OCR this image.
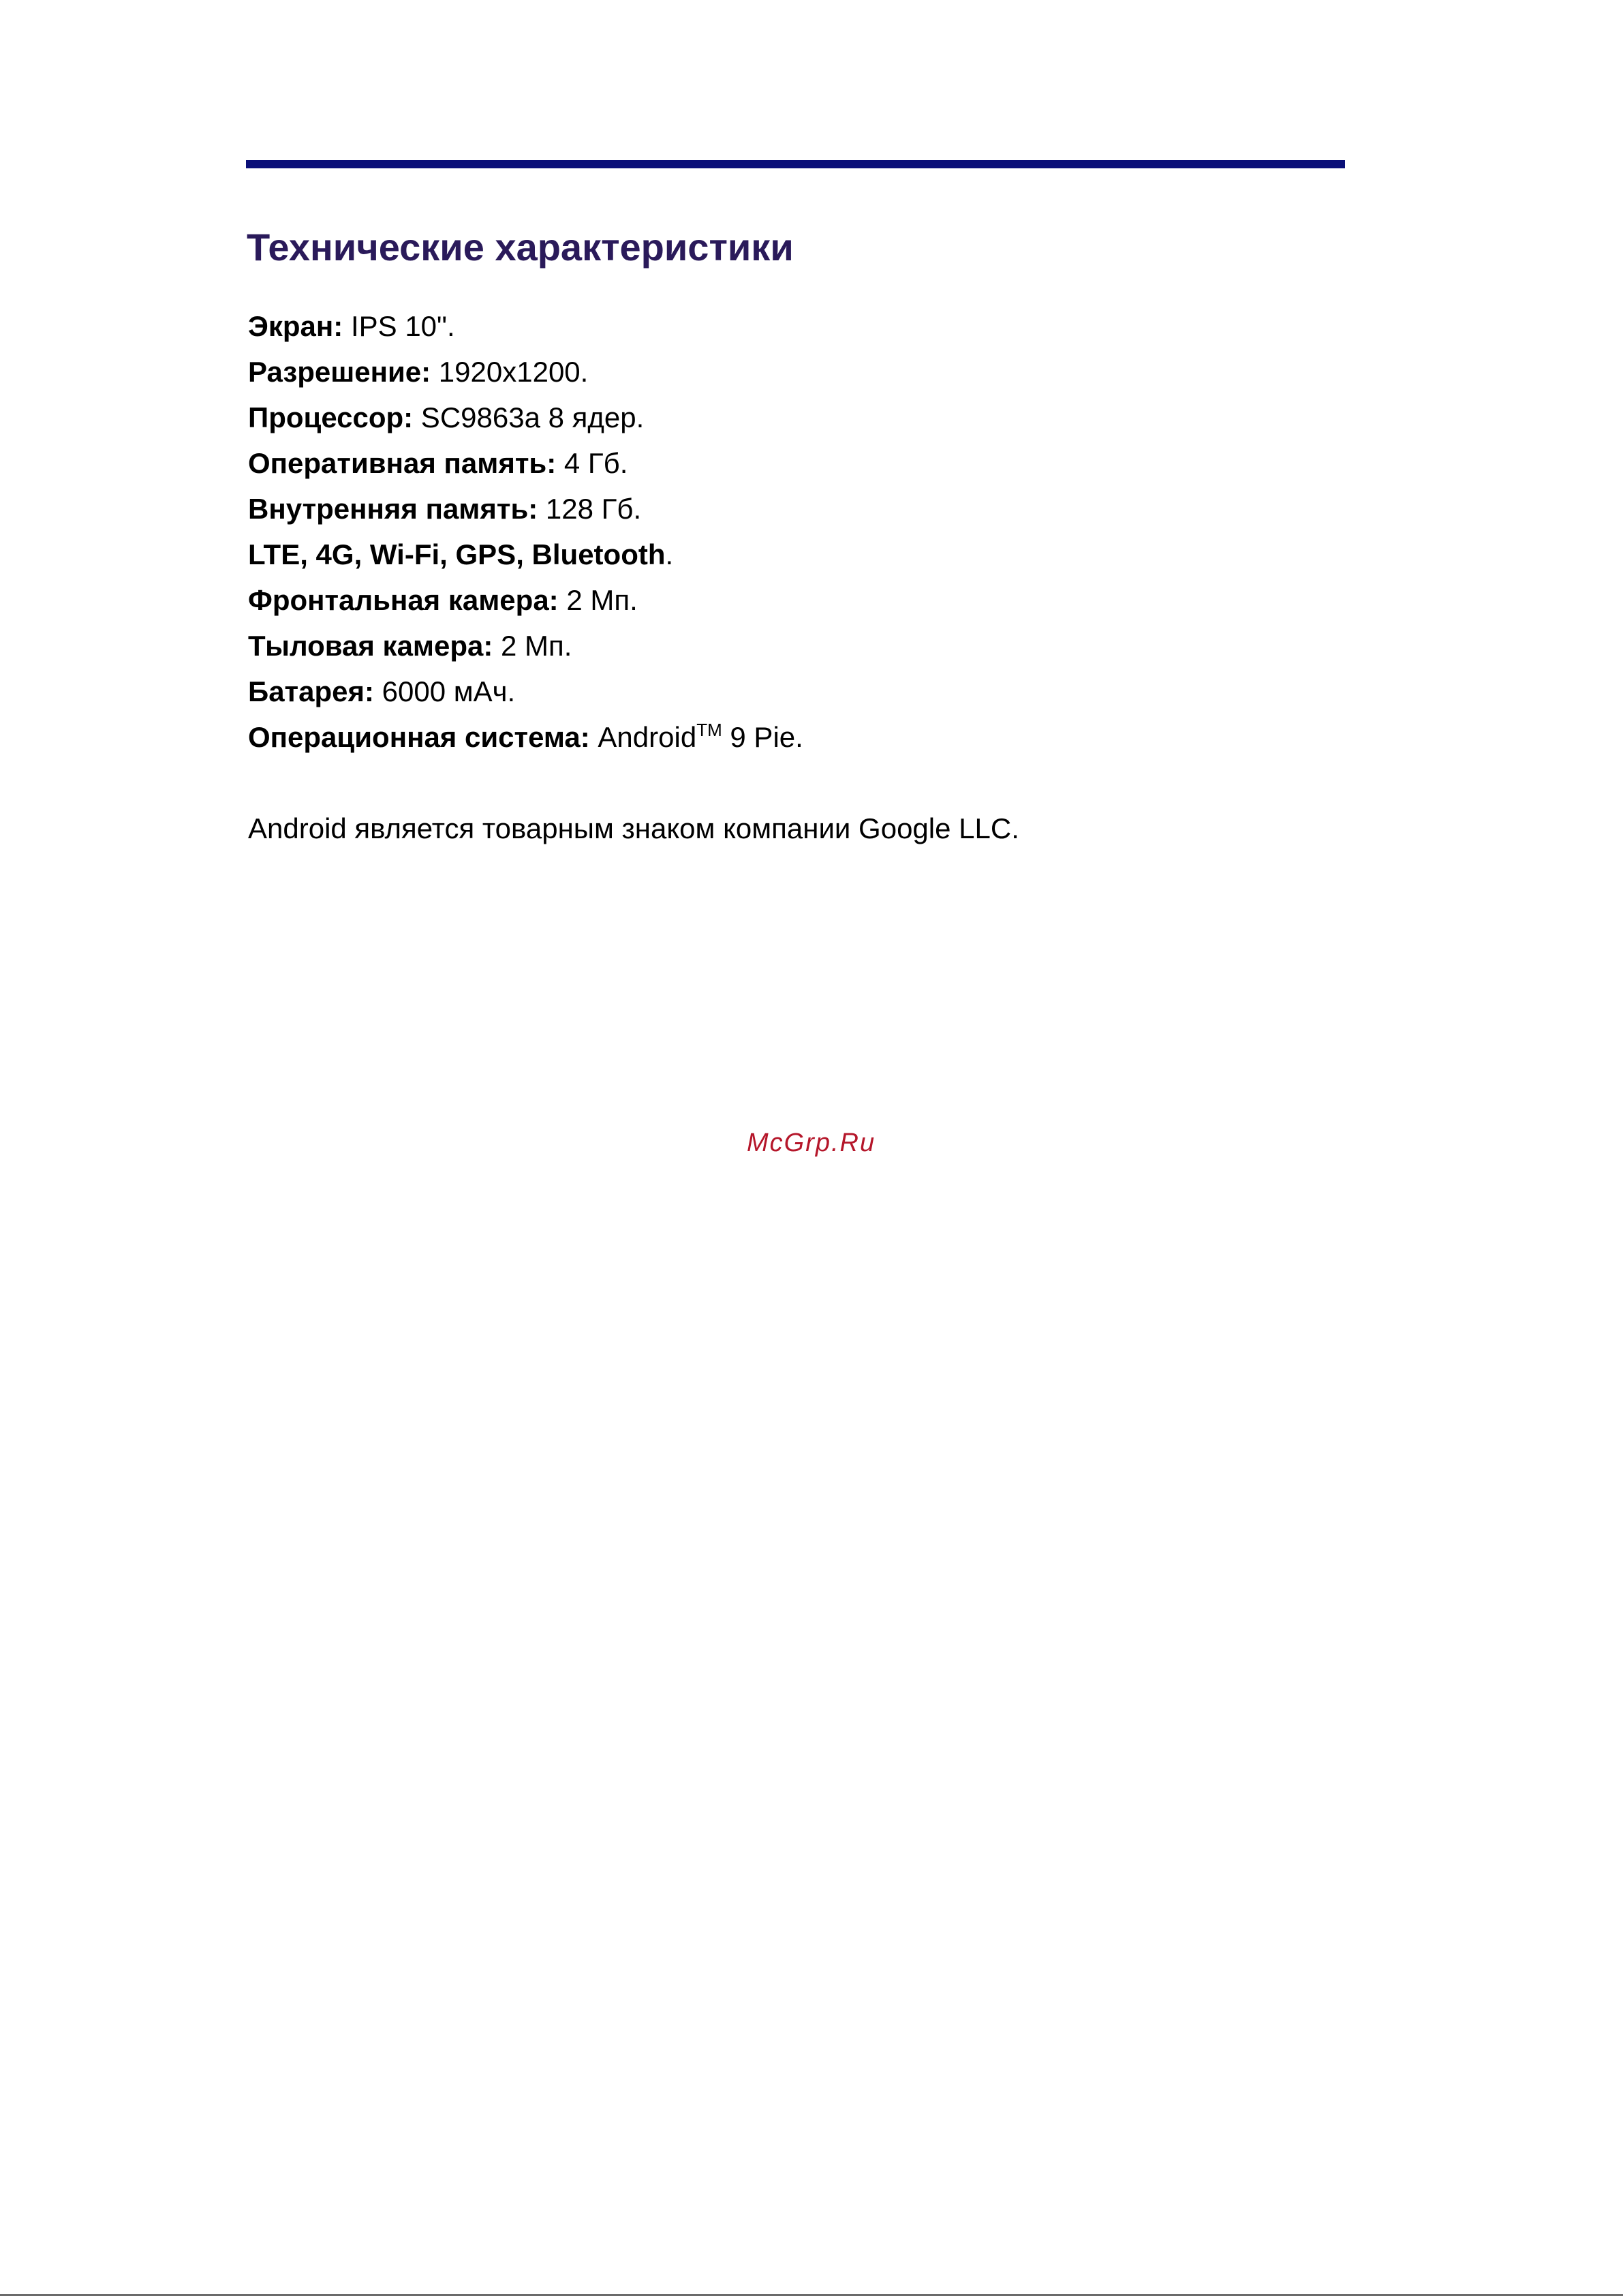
Технические характеристики
Экран: IPS 10".
Разрешение: 1920x1200.
Процессор: SC9863a 8 ядер.
Оперативная память: 4 Гб.
Внутренняя память: 128 Гб.
LTE, 4G, Wi-Fi, GPS, Bluetooth.
Фронтальная камера: 2 Мп.
Тыловая камера: 2 Мп.
Батарея: 6000 мАч.
Операционная система: Android™ 9 Pie.
Android является товарным знаком компании Google LLC.
McGrp.Ru
